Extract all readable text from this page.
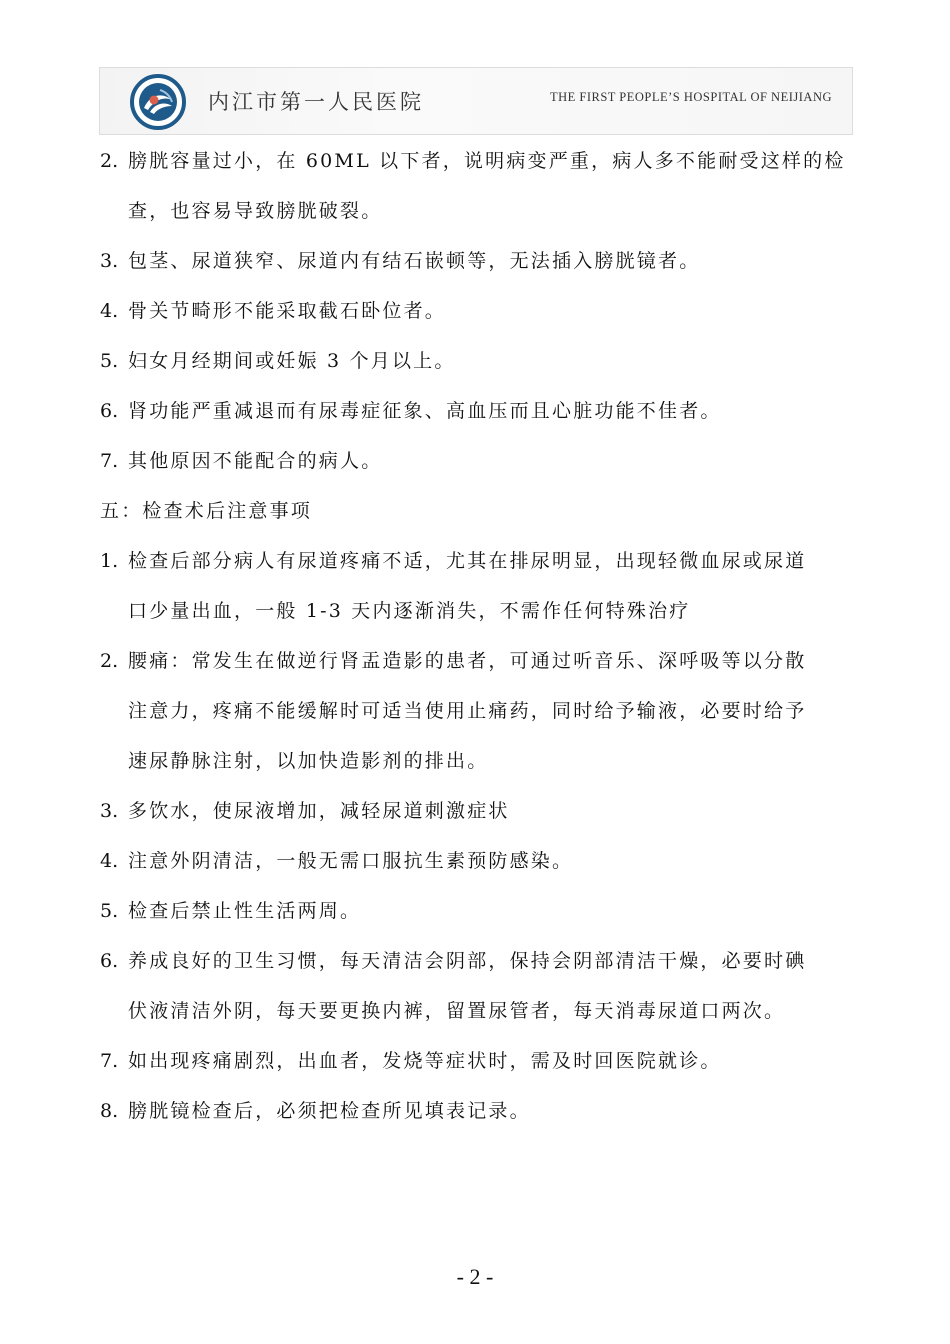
内江市第一人民医院	THE FIRST PEOPLE’S HOSPITAL OF NEIJIANG
2. 膀胱容量过小，在 60ML 以下者，说明病变严重，病人多不能耐受这样的检
查，也容易导致膀胱破裂。
3. 包茎、尿道狭窄、尿道内有结石嵌顿等，无法插入膀胱镜者。
4. 骨关节畸形不能采取截石卧位者。
5. 妇女月经期间或妊娠 3 个月以上。
6. 肾功能严重减退而有尿毒症征象、高血压而且心脏功能不佳者。
7. 其他原因不能配合的病人。
五：检查术后注意事项
1. 检查后部分病人有尿道疼痛不适，尤其在排尿明显，出现轻微血尿或尿道
口少量出血，一般 1-3 天内逐渐消失，不需作任何特殊治疗
2. 腰痛：常发生在做逆行肾盂造影的患者，可通过听音乐、深呼吸等以分散
注意力，疼痛不能缓解时可适当使用止痛药，同时给予输液，必要时给予
速尿静脉注射，以加快造影剂的排出。
3. 多饮水，使尿液增加，减轻尿道刺激症状
4. 注意外阴清洁，一般无需口服抗生素预防感染。
5. 检查后禁止性生活两周。
6. 养成良好的卫生习惯，每天清洁会阴部，保持会阴部清洁干燥，必要时碘
伏液清洁外阴，每天要更换内裤，留置尿管者，每天消毒尿道口两次。
7. 如出现疼痛剧烈，出血者，发烧等症状时，需及时回医院就诊。
8. 膀胱镜检查后，必须把检查所见填表记录。
- 2 -
